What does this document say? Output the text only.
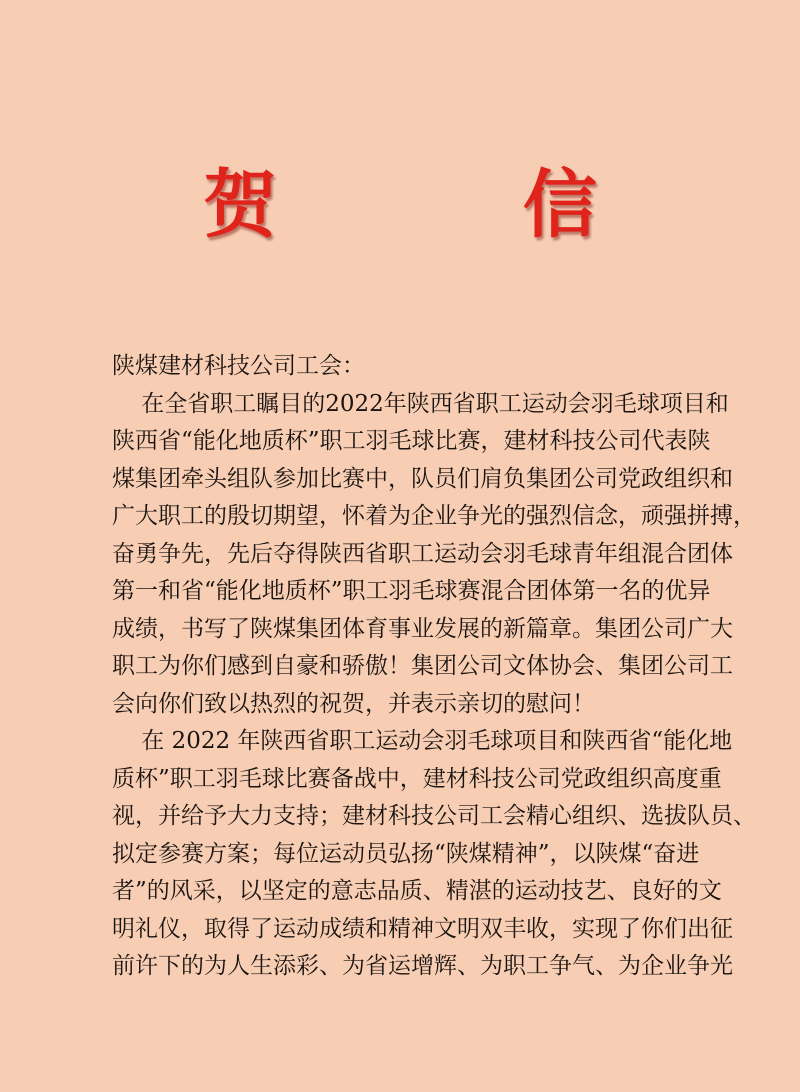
贺 信

陕煤建材科技公司工会：

在全省职工瞩目的2022年陕西省职工运动会羽毛球项目和

陕西省“能化地质杯”职工羽毛球比赛，建材科技公司代表陕

煤集团牵头组队参加比赛中，队员们肩负集团公司党政组织和

广大职工的殷切期望，怀着为企业争光的强烈信念，顽强拼搏，

奋勇争先，先后夺得陕西省职工运动会羽毛球青年组混合团体

第一和省“能化地质杯”职工羽毛球赛混合团体第一名的优异

成绩，书写了陕煤集团体育事业发展的新篇章。集团公司广大

职工为你们感到自豪和骄傲！集团公司文体协会、集团公司工

会向你们致以热烈的祝贺，并表示亲切的慰问！

在 2022 年陕西省职工运动会羽毛球项目和陕西省“能化地

质杯”职工羽毛球比赛备战中，建材科技公司党政组织高度重

视，并给予大力支持；建材科技公司工会精心组织、选拔队员、

拟定参赛方案；每位运动员弘扬“陕煤精神”，以陕煤“奋进

者”的风采，以坚定的意志品质、精湛的运动技艺、良好的文

明礼仪，取得了运动成绩和精神文明双丰收，实现了你们出征

前许下的为人生添彩、为省运增辉、为职工争气、为企业争光
